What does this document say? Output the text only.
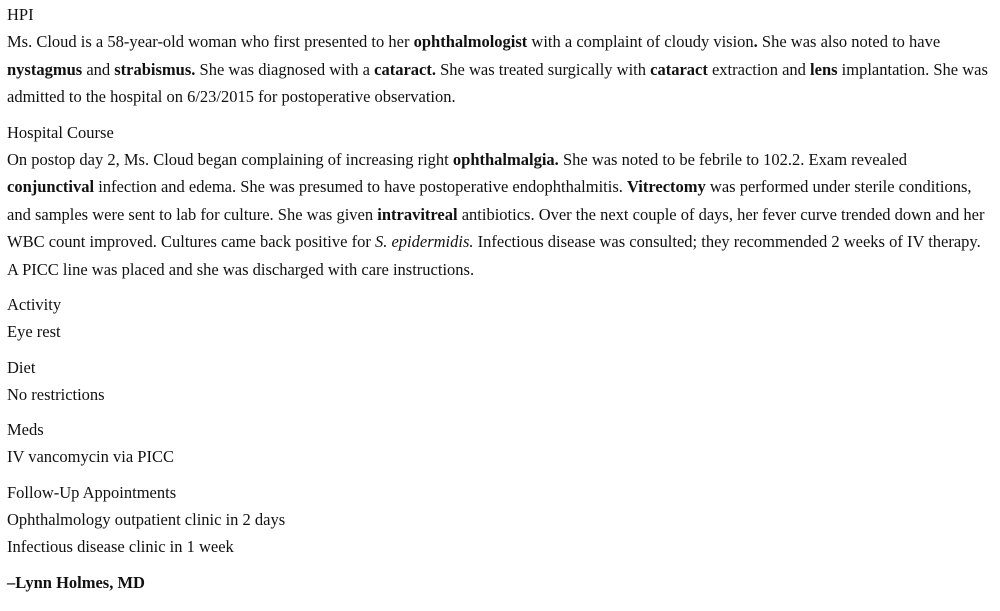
HPI
Ms. Cloud is a 58-year-old woman who first presented to her ophthalmologist with a complaint of cloudy vision. She was also noted to have nystagmus and strabismus. She was diagnosed with a cataract. She was treated surgically with cataract extraction and lens implantation. She was admitted to the hospital on 6/23/2015 for postoperative observation.
Hospital Course
On postop day 2, Ms. Cloud began complaining of increasing right ophthalmalgia. She was noted to be febrile to 102.2. Exam revealed conjunctival infection and edema. She was presumed to have postoperative endophthalmitis. Vitrectomy was performed under sterile conditions, and samples were sent to lab for culture. She was given intravitreal antibiotics. Over the next couple of days, her fever curve trended down and her WBC count improved. Cultures came back positive for S. epidermidis. Infectious disease was consulted; they recommended 2 weeks of IV therapy. A PICC line was placed and she was discharged with care instructions.
Activity
Eye rest
Diet
No restrictions
Meds
IV vancomycin via PICC
Follow-Up Appointments
Ophthalmology outpatient clinic in 2 days
Infectious disease clinic in 1 week
–Lynn Holmes, MD
